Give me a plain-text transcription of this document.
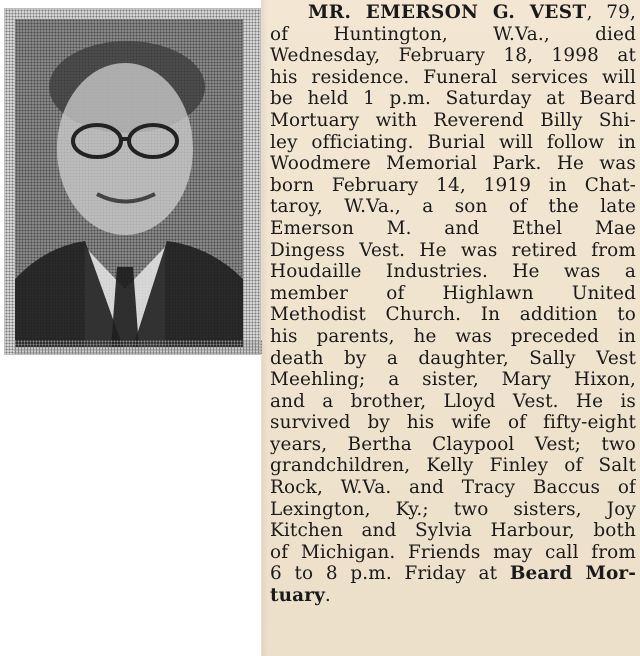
MR. EMERSON G. VEST, 79,
of Huntington, W.Va., died
Wednesday, February 18, 1998 at
his residence. Funeral services will
be held 1 p.m. Saturday at Beard
Mortuary with Reverend Billy Shi-
ley officiating. Burial will follow in
Woodmere Memorial Park. He was
born February 14, 1919 in Chat-
taroy, W.Va., a son of the late
Emerson M. and Ethel Mae
Dingess Vest. He was retired from
Houdaille Industries. He was a
member of Highlawn United
Methodist Church. In addition to
his parents, he was preceded in
death by a daughter, Sally Vest
Meehling; a sister, Mary Hixon,
and a brother, Lloyd Vest. He is
survived by his wife of fifty-eight
years, Bertha Claypool Vest; two
grandchildren, Kelly Finley of Salt
Rock, W.Va. and Tracy Baccus of
Lexington, Ky.; two sisters, Joy
Kitchen and Sylvia Harbour, both
of Michigan. Friends may call from
6 to 8 p.m. Friday at Beard Mor-
tuary.
